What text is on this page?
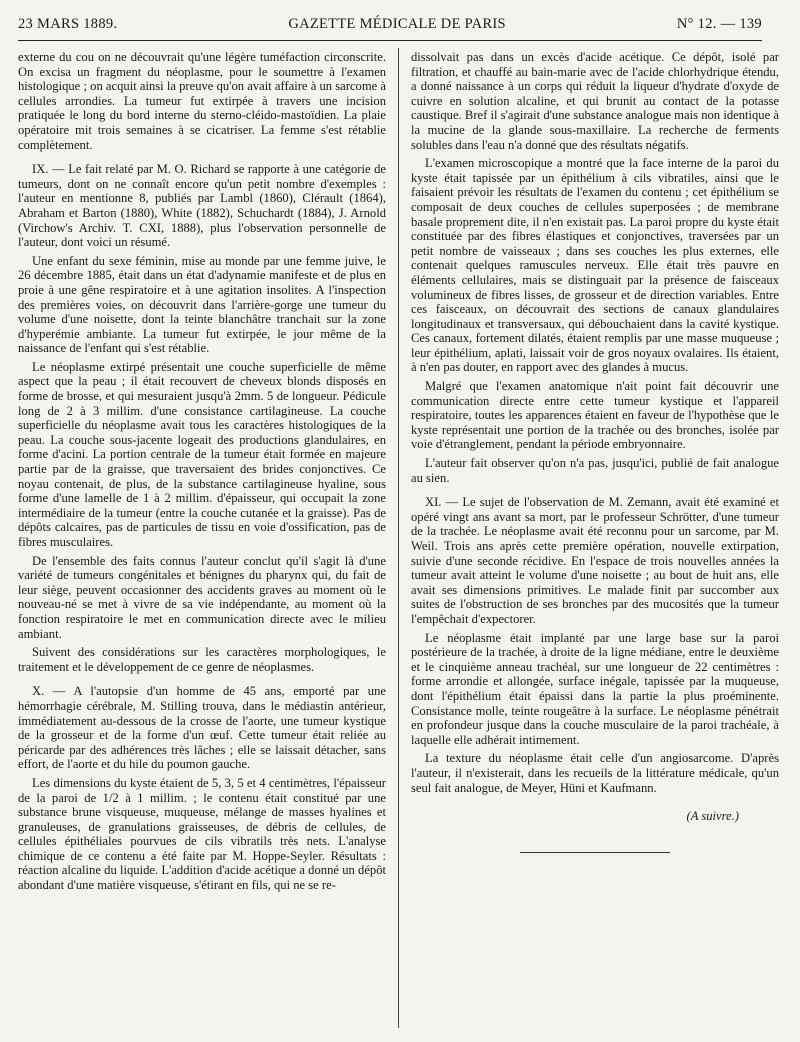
23 MARS 1889.	GAZETTE MÉDICALE DE PARIS	N° 12. — 139

externe du cou on ne découvrait qu'une légère tuméfaction circonscrite. On excisa un fragment du néoplasme, pour le soumettre à l'examen histologique ; on acquit ainsi la preuve qu'on avait affaire à un sarcome à cellules arrondies. La tumeur fut extirpée à travers une incision pratiquée le long du bord interne du sterno-cléido-mastoïdien. La plaie opératoire mit trois semaines à se cicatriser. La femme s'est rétablie complètement.

IX. — Le fait relaté par M. O. Richard se rapporte à une catégorie de tumeurs, dont on ne connaît encore qu'un petit nombre d'exemples : l'auteur en mentionne 8, publiés par Lambl (1860), Clérault (1864), Abraham et Barton (1880), White (1882), Schuchardt (1884), J. Arnold (Virchow's Archiv. T. CXI, 1888), plus l'observation personnelle de l'auteur, dont voici un résumé.

Une enfant du sexe féminin, mise au monde par une femme juive, le 26 décembre 1885, était dans un état d'adynamie manifeste et de plus en proie à une gêne respiratoire et à une agitation insolites. A l'inspection des premières voies, on découvrit dans l'arrière-gorge une tumeur du volume d'une noisette, dont la teinte blanchâtre tranchait sur la zone d'hyperémie ambiante. La tumeur fut extirpée, le jour même de la naissance de l'enfant qui s'est rétablie.

Le néoplasme extirpé présentait une couche superficielle de même aspect que la peau ; il était recouvert de cheveux blonds disposés en forme de brosse, et qui mesuraient jusqu'à 2mm. 5 de longueur. Pédicule long de 2 à 3 millim. d'une consistance cartilagineuse. La couche superficielle du néoplasme avait tous les caractères histologiques de la peau. La couche sous-jacente logeait des productions glandulaires, en forme d'acini. La portion centrale de la tumeur était formée en majeure partie par de la graisse, que traversaient des brides conjonctives. Ce noyau contenait, de plus, de la substance cartilagineuse hyaline, sous forme d'une lamelle de 1 à 2 millim. d'épaisseur, qui occupait la zone intermédiaire de la tumeur (entre la couche cutanée et la graisse). Pas de dépôts calcaires, pas de particules de tissu en voie d'ossification, pas de fibres musculaires.

De l'ensemble des faits connus l'auteur conclut qu'il s'agit là d'une variété de tumeurs congénitales et bénignes du pharynx qui, du fait de leur siège, peuvent occasionner des accidents graves au moment où le nouveau-né se met à vivre de sa vie indépendante, au moment où la fonction respiratoire le met en communication directe avec le milieu ambiant.

Suivent des considérations sur les caractères morphologiques, le traitement et le développement de ce genre de néoplasmes.

X. — A l'autopsie d'un homme de 45 ans, emporté par une hémorrhagie cérébrale, M. Stilling trouva, dans le médiastin antérieur, immédiatement au-dessous de la crosse de l'aorte, une tumeur kystique de la grosseur et de la forme d'un œuf. Cette tumeur était reliée au péricarde par des adhérences très lâches ; elle se laissait détacher, sans effort, de l'aorte et du hile du poumon gauche.

Les dimensions du kyste étaient de 5, 3, 5 et 4 centimètres, l'épaisseur de la paroi de 1/2 à 1 millim. ; le contenu était constitué par une substance brune visqueuse, muqueuse, mélange de masses hyalines et granuleuses, de granulations graisseuses, de débris de cellules, de cellules épithéliales pourvues de cils vibratils très nets. L'analyse chimique de ce contenu a été faite par M. Hoppe-Seyler. Résultats : réaction alcaline du liquide. L'addition d'acide acétique a donné un dépôt abondant d'une matière visqueuse, s'étirant en fils, qui ne se re-

dissolvait pas dans un excès d'acide acétique. Ce dépôt, isolé par filtration, et chauffé au bain-marie avec de l'acide chlorhydrique étendu, a donné naissance à un corps qui réduit la liqueur d'hydrate d'oxyde de cuivre en solution alcaline, et qui brunit au contact de la potasse caustique. Bref il s'agirait d'une substance analogue mais non identique à la mucine de la glande sous-maxillaire. La recherche de ferments solubles dans l'eau n'a donné que des résultats négatifs.

L'examen microscopique a montré que la face interne de la paroi du kyste était tapissée par un épithélium à cils vibratiles, ainsi que le faisaient prévoir les résultats de l'examen du contenu ; cet épithélium se composait de deux couches de cellules superposées ; de membrane basale proprement dite, il n'en existait pas. La paroi propre du kyste était constituée par des fibres élastiques et conjonctives, traversées par un petit nombre de vaisseaux ; dans ses couches les plus externes, elle contenait quelques ramuscules nerveux. Elle était très pauvre en éléments cellulaires, mais se distinguait par la présence de faisceaux volumineux de fibres lisses, de grosseur et de direction variables. Entre ces faisceaux, on découvrait des sections de canaux glandulaires longitudinaux et transversaux, qui débouchaient dans la cavité kystique. Ces canaux, fortement dilatés, étaient remplis par une masse muqueuse ; leur épithélium, aplati, laissait voir de gros noyaux ovalaires. Ils étaient, à n'en pas douter, en rapport avec des glandes à mucus.

Malgré que l'examen anatomique n'ait point fait découvrir une communication directe entre cette tumeur kystique et l'appareil respiratoire, toutes les apparences étaient en faveur de l'hypothèse que le kyste représentait une portion de la trachée ou des bronches, isolée par voie d'étranglement, pendant la période embryonnaire.

L'auteur fait observer qu'on n'a pas, jusqu'ici, publié de fait analogue au sien.

XI. — Le sujet de l'observation de M. Zemann, avait été examiné et opéré vingt ans avant sa mort, par le professeur Schrötter, d'une tumeur de la trachée. Le néoplasme avait été reconnu pour un sarcome, par M. Weil. Trois ans après cette première opération, nouvelle extirpation, suivie d'une seconde récidive. En l'espace de trois nouvelles années la tumeur avait atteint le volume d'une noisette ; au bout de huit ans, elle avait ses dimensions primitives. Le malade finit par succomber aux suites de l'obstruction de ses bronches par des mucosités que la tumeur l'empêchait d'expectorer.

Le néoplasme était implanté par une large base sur la paroi postérieure de la trachée, à droite de la ligne médiane, entre le deuxième et le cinquième anneau trachéal, sur une longueur de 22 centimètres : forme arrondie et allongée, surface inégale, tapissée par la muqueuse, dont l'épithélium était épaissi dans la partie la plus proéminente. Consistance molle, teinte rougeâtre à la surface. Le néoplasme pénétrait en profondeur jusque dans la couche musculaire de la paroi trachéale, à laquelle elle adhérait intimement.

La texture du néoplasme était celle d'un angiosarcome. D'après l'auteur, il n'existerait, dans les recueils de la littérature médicale, qu'un seul fait analogue, de Meyer, Hüni et Kaufmann.

(A suivre.)
